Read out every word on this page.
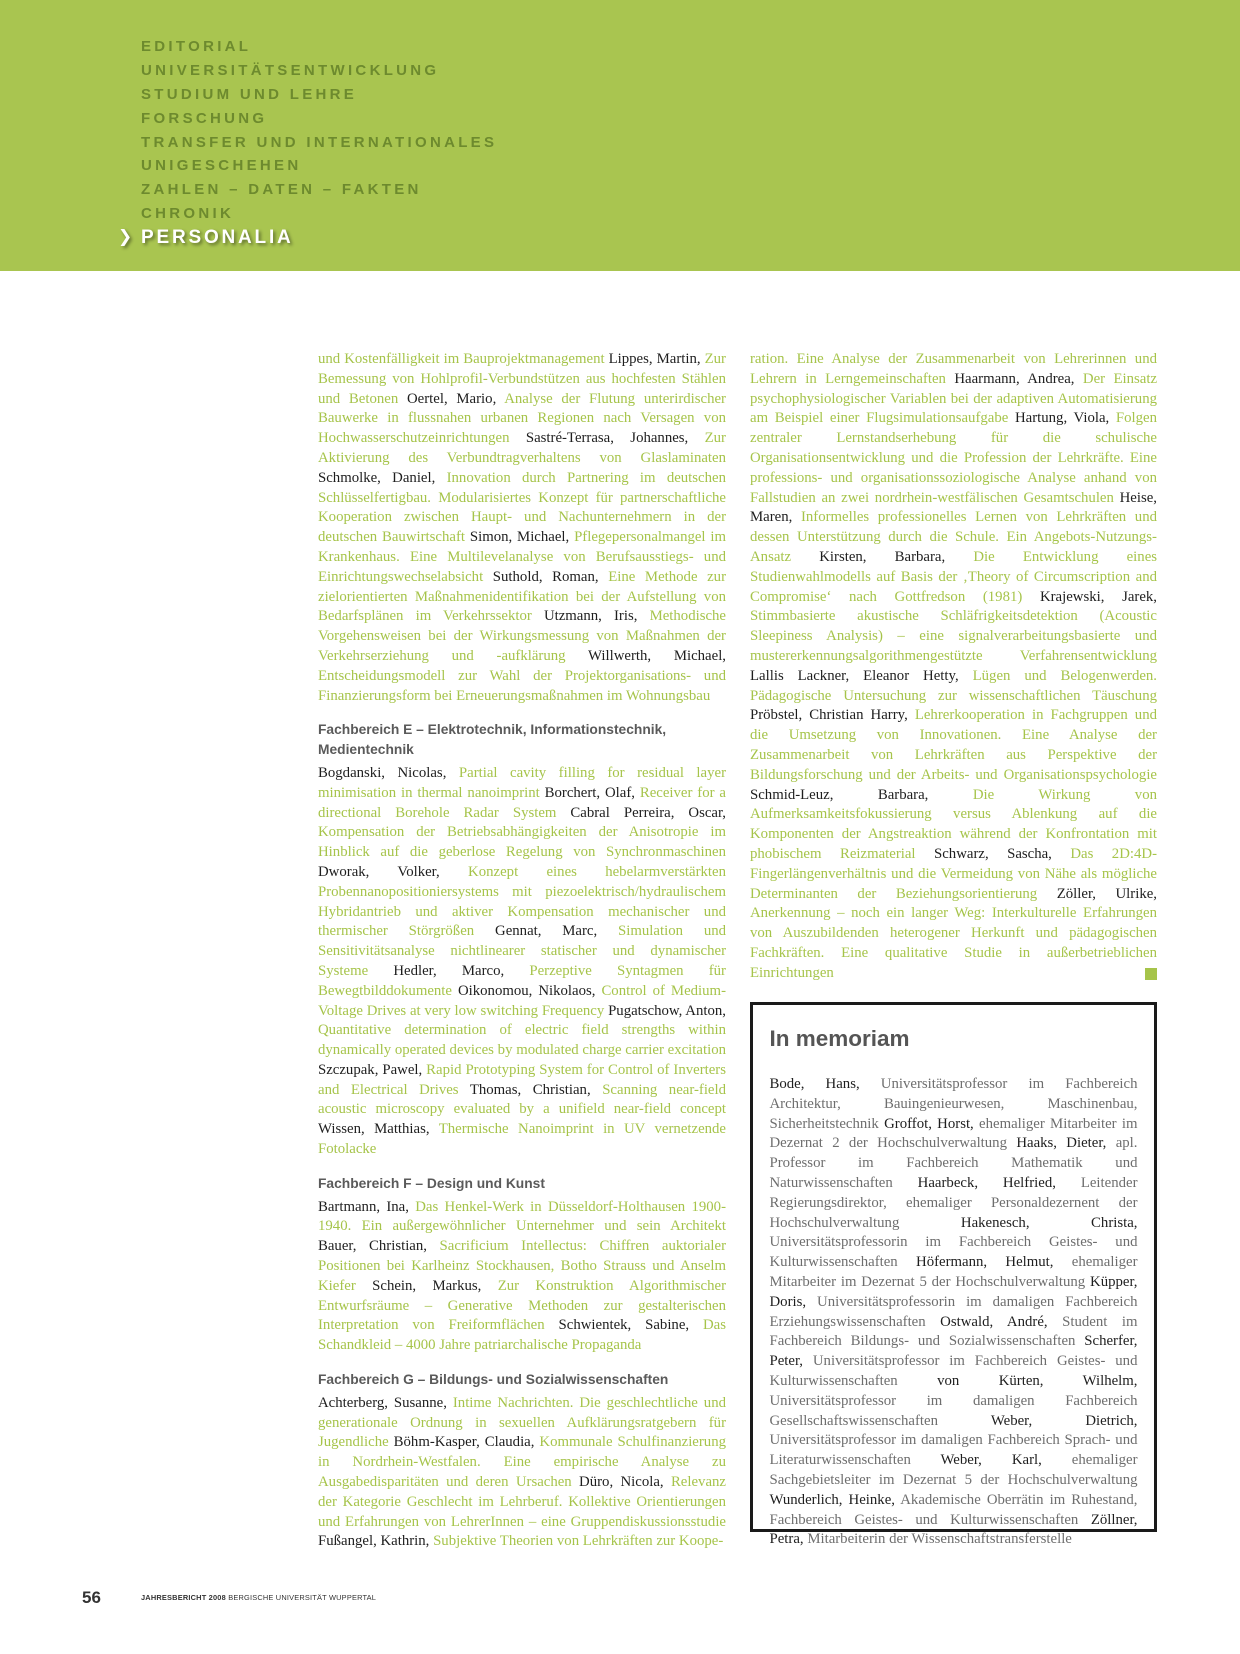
EDITORIAL
UNIVERSITÄTSENTWICKLUNG
STUDIUM UND LEHRE
FORSCHUNG
TRANSFER UND INTERNATIONALES
UNIGESCHEHEN
ZAHLEN – DATEN – FAKTEN
CHRONIK
❯ PERSONALIA

und Kostenfälligkeit im Bauprojektmanagement Lippes, Martin, Zur Bemessung von Hohlprofil-Verbundstützen aus hochfesten Stählen und Betonen Oertel, Mario, Analyse der Flutung unterirdischer Bauwerke in flussnahen urbanen Regionen nach Versagen von Hochwasserschutzeinrichtungen Sastré-Terrasa, Johannes, Zur Aktivierung des Verbundtragverhaltens von Glaslaminaten Schmolke, Daniel, Innovation durch Partnering im deutschen Schlüsselfertigbau. Modularisiertes Konzept für partnerschaftliche Kooperation zwischen Haupt- und Nachunternehmern in der deutschen Bauwirtschaft Simon, Michael, Pflegepersonalmangel im Krankenhaus. Eine Multilevelanalyse von Berufsausstiegs- und Einrichtungswechselabsicht Suthold, Roman, Eine Methode zur zielorientierten Maßnahmenidentifikation bei der Aufstellung von Bedarfsplänen im Verkehrssektor Utzmann, Iris, Methodische Vorgehensweisen bei der Wirkungsmessung von Maßnahmen der Verkehrserziehung und -aufklärung Willwerth, Michael, Entscheidungsmodell zur Wahl der Projektorganisations- und Finanzierungsform bei Erneuerungsmaßnahmen im Wohnungsbau

Fachbereich E – Elektrotechnik, Informationstechnik, Medientechnik

Bogdanski, Nicolas, Partial cavity filling for residual layer minimisation in thermal nanoimprint Borchert, Olaf, Receiver for a directional Borehole Radar System Cabral Perreira, Oscar, Kompensation der Betriebsabhängigkeiten der Anisotropie im Hinblick auf die geberlose Regelung von Synchronmaschinen Dworak, Volker, Konzept eines hebelarmverstärkten Probennanopositioniersystems mit piezoelektrisch/hydraulischem Hybridantrieb und aktiver Kompensation mechanischer und thermischer Störgrößen Gennat, Marc, Simulation und Sensitivitätsanalyse nichtlinearer statischer und dynamischer Systeme Hedler, Marco, Perzeptive Syntagmen für Bewegtbilddokumente Oikonomou, Nikolaos, Control of Medium-Voltage Drives at very low switching Frequency Pugatschow, Anton, Quantitative determination of electric field strengths within dynamically operated devices by modulated charge carrier excitation Szczupak, Pawel, Rapid Prototyping System for Control of Inverters and Electrical Drives Thomas, Christian, Scanning near-field acoustic microscopy evaluated by a unifield near-field concept Wissen, Matthias, Thermische Nanoimprint in UV vernetzende Fotolacke

Fachbereich F – Design und Kunst

Bartmann, Ina, Das Henkel-Werk in Düsseldorf-Holthausen 1900-1940. Ein außergewöhnlicher Unternehmer und sein Architekt Bauer, Christian, Sacrificium Intellectus: Chiffren auktorialer Positionen bei Karlheinz Stockhausen, Botho Strauss und Anselm Kiefer Schein, Markus, Zur Konstruktion Algorithmischer Entwurfsräume – Generative Methoden zur gestalterischen Interpretation von Freiformflächen Schwientek, Sabine, Das Schandkleid – 4000 Jahre patriarchalische Propaganda

Fachbereich G – Bildungs- und Sozialwissenschaften

Achterberg, Susanne, Intime Nachrichten. Die geschlechtliche und generationale Ordnung in sexuellen Aufklärungsratgebern für Jugendliche Böhm-Kasper, Claudia, Kommunale Schulfinanzierung in Nordrhein-Westfalen. Eine empirische Analyse zu Ausgabedisparitäten und deren Ursachen Düro, Nicola, Relevanz der Kategorie Geschlecht im Lehrberuf. Kollektive Orientierungen und Erfahrungen von LehrerInnen – eine Gruppendiskussionsstudie Fußangel, Kathrin, Subjektive Theorien von Lehrkräften zur Koope-

ration. Eine Analyse der Zusammenarbeit von Lehrerinnen und Lehrern in Lerngemeinschaften Haarmann, Andrea, Der Einsatz psychophysiologischer Variablen bei der adaptiven Automatisierung am Beispiel einer Flugsimulationsaufgabe Hartung, Viola, Folgen zentraler Lernstandserhebung für die schulische Organisationsentwicklung und die Profession der Lehrkräfte. Eine professions- und organisationssoziologische Analyse anhand von Fallstudien an zwei nordrhein-westfälischen Gesamtschulen Heise, Maren, Informelles professionelles Lernen von Lehrkräften und dessen Unterstützung durch die Schule. Ein Angebots-Nutzungs-Ansatz Kirsten, Barbara, Die Entwicklung eines Studienwahlmodells auf Basis der ‚Theory of Circumscription and Compromise‘ nach Gottfredson (1981) Krajewski, Jarek, Stimmbasierte akustische Schläfrigkeitsdetektion (Acoustic Sleepiness Analysis) – eine signalverarbeitungsbasierte und mustererkennungsalgorithmengestützte Verfahrensentwicklung Lallis Lackner, Eleanor Hetty, Lügen und Belogenwerden. Pädagogische Untersuchung zur wissenschaftlichen Täuschung Pröbstel, Christian Harry, Lehrerkooperation in Fachgruppen und die Umsetzung von Innovationen. Eine Analyse der Zusammenarbeit von Lehrkräften aus Perspektive der Bildungsforschung und der Arbeits- und Organisationspsychologie Schmid-Leuz, Barbara,	Die Wirkung von Aufmerksamkeitsfokussierung versus Ablenkung auf die Komponenten der Angstreaktion während der Konfrontation mit phobischem Reizmaterial Schwarz, Sascha, Das 2D:4D-Fingerlängenverhältnis und die Vermeidung von Nähe als mögliche Determinanten der Beziehungsorientierung Zöller, Ulrike, Anerkennung – noch ein langer Weg: Interkulturelle Erfahrungen von Auszubildenden heterogener Herkunft und pädagogischen Fachkräften. Eine qualitative Studie in außerbetrieblichen Einrichtungen

In memoriam

Bode, Hans, Universitätsprofessor im Fachbereich Architektur, Bauingenieurwesen, Maschinenbau, Sicherheitstechnik Groffot, Horst, ehemaliger Mitarbeiter im Dezernat 2 der Hochschulverwaltung Haaks, Dieter, apl. Professor im Fachbereich Mathematik und Naturwissenschaften Haarbeck, Helfried, Leitender Regierungsdirektor, ehemaliger Personaldezernent der Hochschulverwaltung	Hakenesch, Christa, Universitätsprofessorin im Fachbereich Geistes- und Kulturwissenschaften Höfermann, Helmut, ehemaliger Mitarbeiter im Dezernat 5 der Hochschulverwaltung Küpper, Doris, Universitätsprofessorin im damaligen Fachbereich Erziehungswissenschaften Ostwald, André, Student im Fachbereich Bildungs- und Sozialwissenschaften Scherfer, Peter, Universitätsprofessor im Fachbereich Geistes- und Kulturwissenschaften	von Kürten, Wilhelm, Universitätsprofessor im damaligen Fachbereich Gesellschaftswissenschaften	Weber, Dietrich, Universitätsprofessor im damaligen Fachbereich Sprach- und Literaturwissenschaften Weber, Karl, ehemaliger Sachgebietsleiter im Dezernat 5 der Hochschulverwaltung Wunderlich, Heinke, Akademische Oberrätin im Ruhestand, Fachbereich Geistes- und Kulturwissenschaften Zöllner, Petra, Mitarbeiterin der Wissenschaftstransferstelle

56	JAHRESBERICHT 2008 BERGISCHE UNIVERSITÄT WUPPERTAL
